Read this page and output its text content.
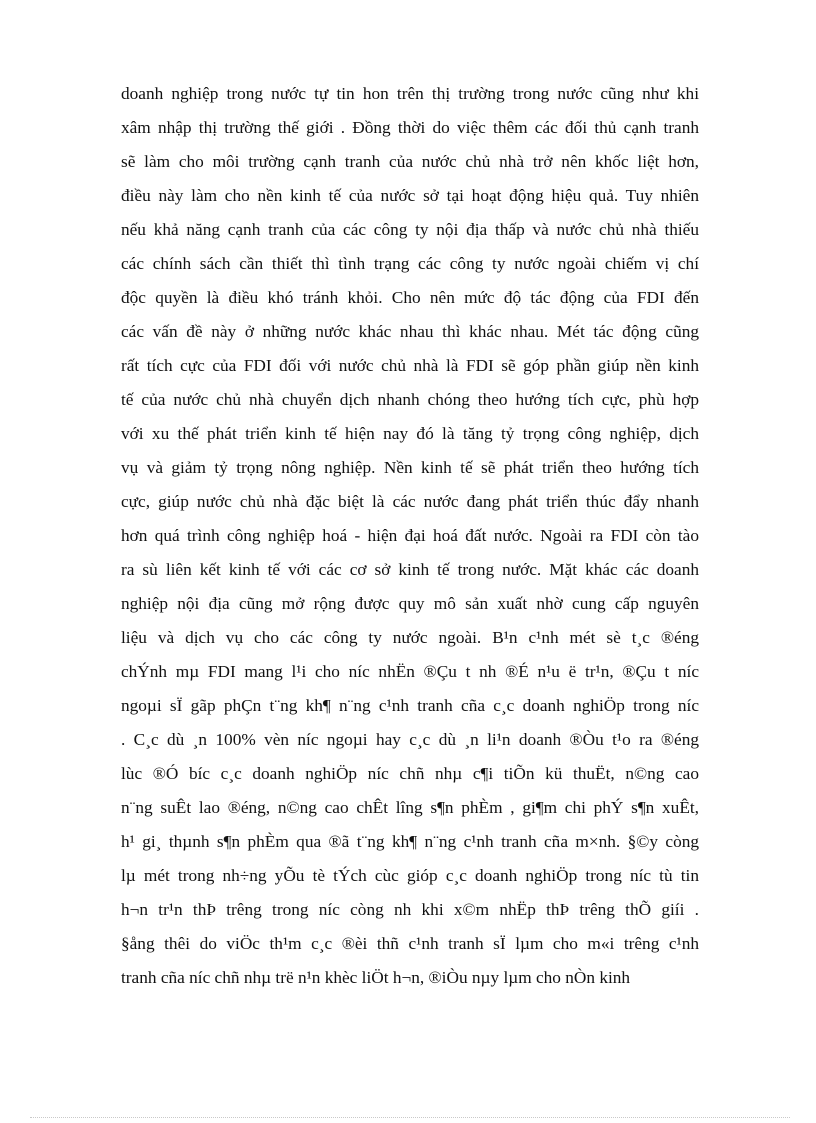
doanh nghiệp trong nước tự tin hon trên thị trường trong nước cũng như khi
xâm nhập thị trường thế giới . Đồng thời do việc thêm các đối thủ cạnh tranh
sẽ làm cho môi trường cạnh tranh của nước chủ nhà trở nên khốc liệt hơn,
điều này làm cho nền kinh tế của nước sở tại hoạt động hiệu quả. Tuy nhiên
nếu khả năng cạnh tranh của các công ty nội địa thấp và nước chủ nhà thiếu
các chính sách cần thiết thì tình trạng các công ty nước ngoài chiếm vị chí
độc quyền là điều khó tránh khỏi. Cho nên mức độ tác động của FDI đến
các vấn đề này ở những nước khác nhau thì khác nhau. Mét tác động cũng
rất tích cực của FDI đối với nước chủ nhà là FDI sẽ góp phần giúp nền kinh
tế của nước chủ nhà chuyển dịch nhanh chóng theo hướng tích cực, phù hợp
với xu thế phát triển kinh tế hiện nay đó là tăng tỷ trọng công nghiệp, dịch
vụ và giảm tỷ trọng nông nghiệp. Nền kinh tế sẽ phát triển theo hướng tích
cực, giúp nước chủ nhà đặc biệt là các nước đang phát triển thúc đẩy nhanh
hơn quá trình công nghiệp hoá - hiện đại hoá đất nước. Ngoài ra FDI còn tào
ra sù liên kết kinh tế với các cơ sở kinh tế trong nước. Mặt khác các doanh
nghiệp nội địa cũng mở rộng được quy mô sản xuất nhờ cung cấp nguyên
liệu và dịch vụ cho các công ty nước ngoài. B¹n c¹nh mét sè t¸c ®éng
chÝnh mµ FDI mang l¹i cho níc nhËn ®Çu t nh ®É n¹u ë tr¹n, ®Çu t níc
ngoµi sÏ gãp phÇn t¨ng kh¶ n¨ng c¹nh tranh cña c¸c doanh nghiÖp trong níc
. C¸c dù ¸n 100% vèn níc ngoµi hay c¸c dù ¸n li¹n doanh ®Òu t¹o ra ®éng
lùc ®Ó bíc c¸c doanh nghiÖp níc chñ nhµ c¶i tiÕn kü thuËt, n©ng cao
n¨ng suÊt lao ®éng, n©ng cao chÊt lîng s¶n phÈm , gi¶m chi phÝ s¶n xuÊt,
h¹ gi¸ thµnh s¶n phÈm qua ®ã t¨ng kh¶ n¨ng c¹nh tranh cña m×nh. §©y còng
lµ mét trong nh÷ng yÕu tè tÝch cùc gióp c¸c doanh nghiÖp trong níc tù tin
h¬n tr¹n thÞ trêng trong níc còng nh khi x©m nhËp thÞ trêng thÕ giíi .
§ång thêi do viÖc th¹m c¸c ®èi thñ c¹nh tranh sÏ lµm cho m«i trêng c¹nh
tranh cña níc chñ nhµ trë n¹n khèc liÖt h¬n, ®iÒu nµy lµm cho nÒn kinh
